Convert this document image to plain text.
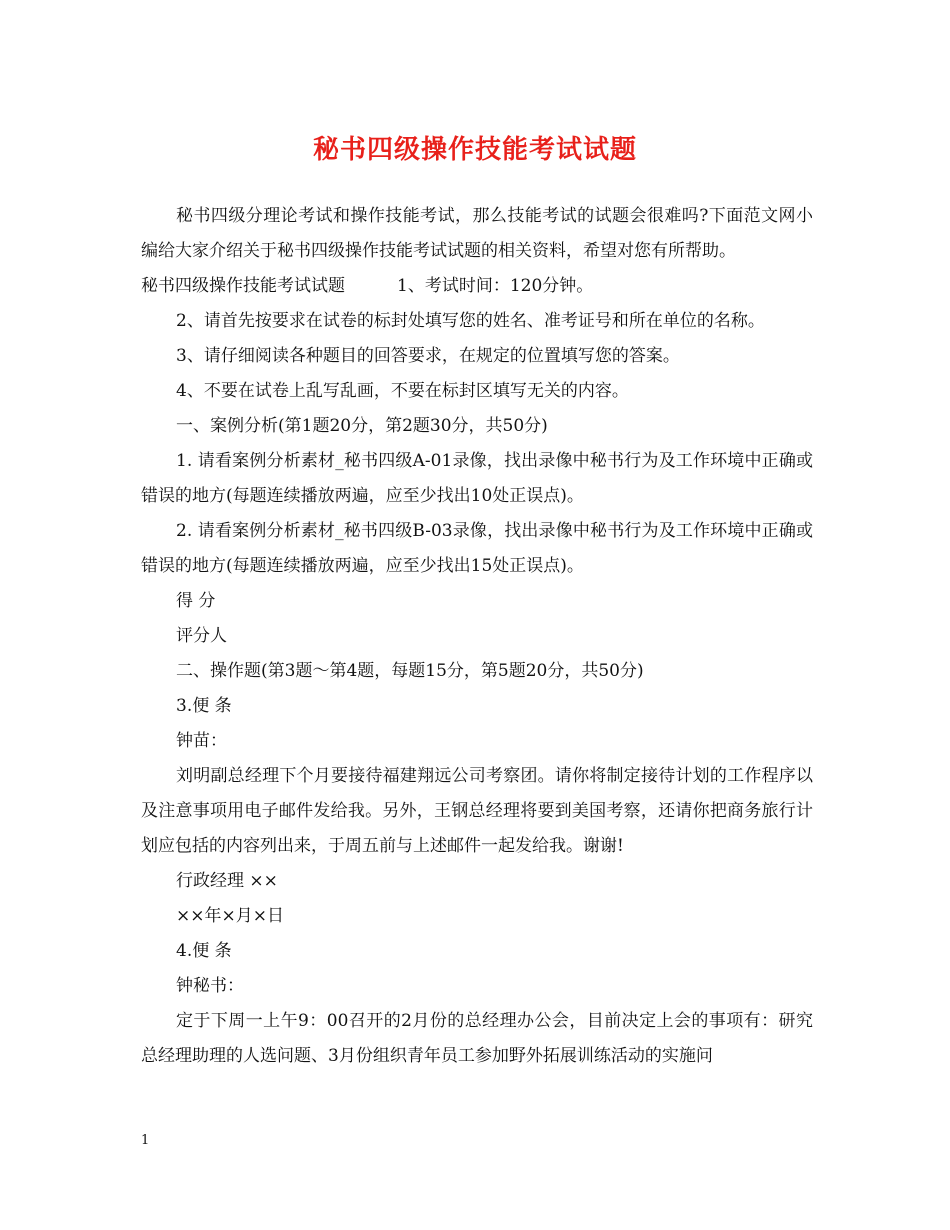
秘书四级操作技能考试试题

秘书四级分理论考试和操作技能考试，那么技能考试的试题会很难吗?下面范文网小编给大家介绍关于秘书四级操作技能考试试题的相关资料，希望对您有所帮助。

秘书四级操作技能考试试题	1、考试时间：120分钟。

2、请首先按要求在试卷的标封处填写您的姓名、准考证号和所在单位的名称。

3、请仔细阅读各种题目的回答要求，在规定的位置填写您的答案。

4、不要在试卷上乱写乱画，不要在标封区填写无关的内容。

一、案例分析(第1题20分，第2题30分，共50分)

1. 请看案例分析素材_秘书四级A-01录像，找出录像中秘书行为及工作环境中正确或错误的地方(每题连续播放两遍，应至少找出10处正误点)。

2. 请看案例分析素材_秘书四级B-03录像，找出录像中秘书行为及工作环境中正确或错误的地方(每题连续播放两遍，应至少找出15处正误点)。

得 分

评分人

二、操作题(第3题～第4题，每题15分，第5题20分，共50分)

3.便 条

钟苗：

刘明副总经理下个月要接待福建翔远公司考察团。请你将制定接待计划的工作程序以及注意事项用电子邮件发给我。另外，王钢总经理将要到美国考察，还请你把商务旅行计划应包括的内容列出来，于周五前与上述邮件一起发给我。谢谢!

行政经理 ××

××年×月×日

4.便 条

钟秘书：

定于下周一上午9：00召开的2月份的总经理办公会，目前决定上会的事项有：研究总经理助理的人选问题、3月份组织青年员工参加野外拓展训练活动的实施问

1
